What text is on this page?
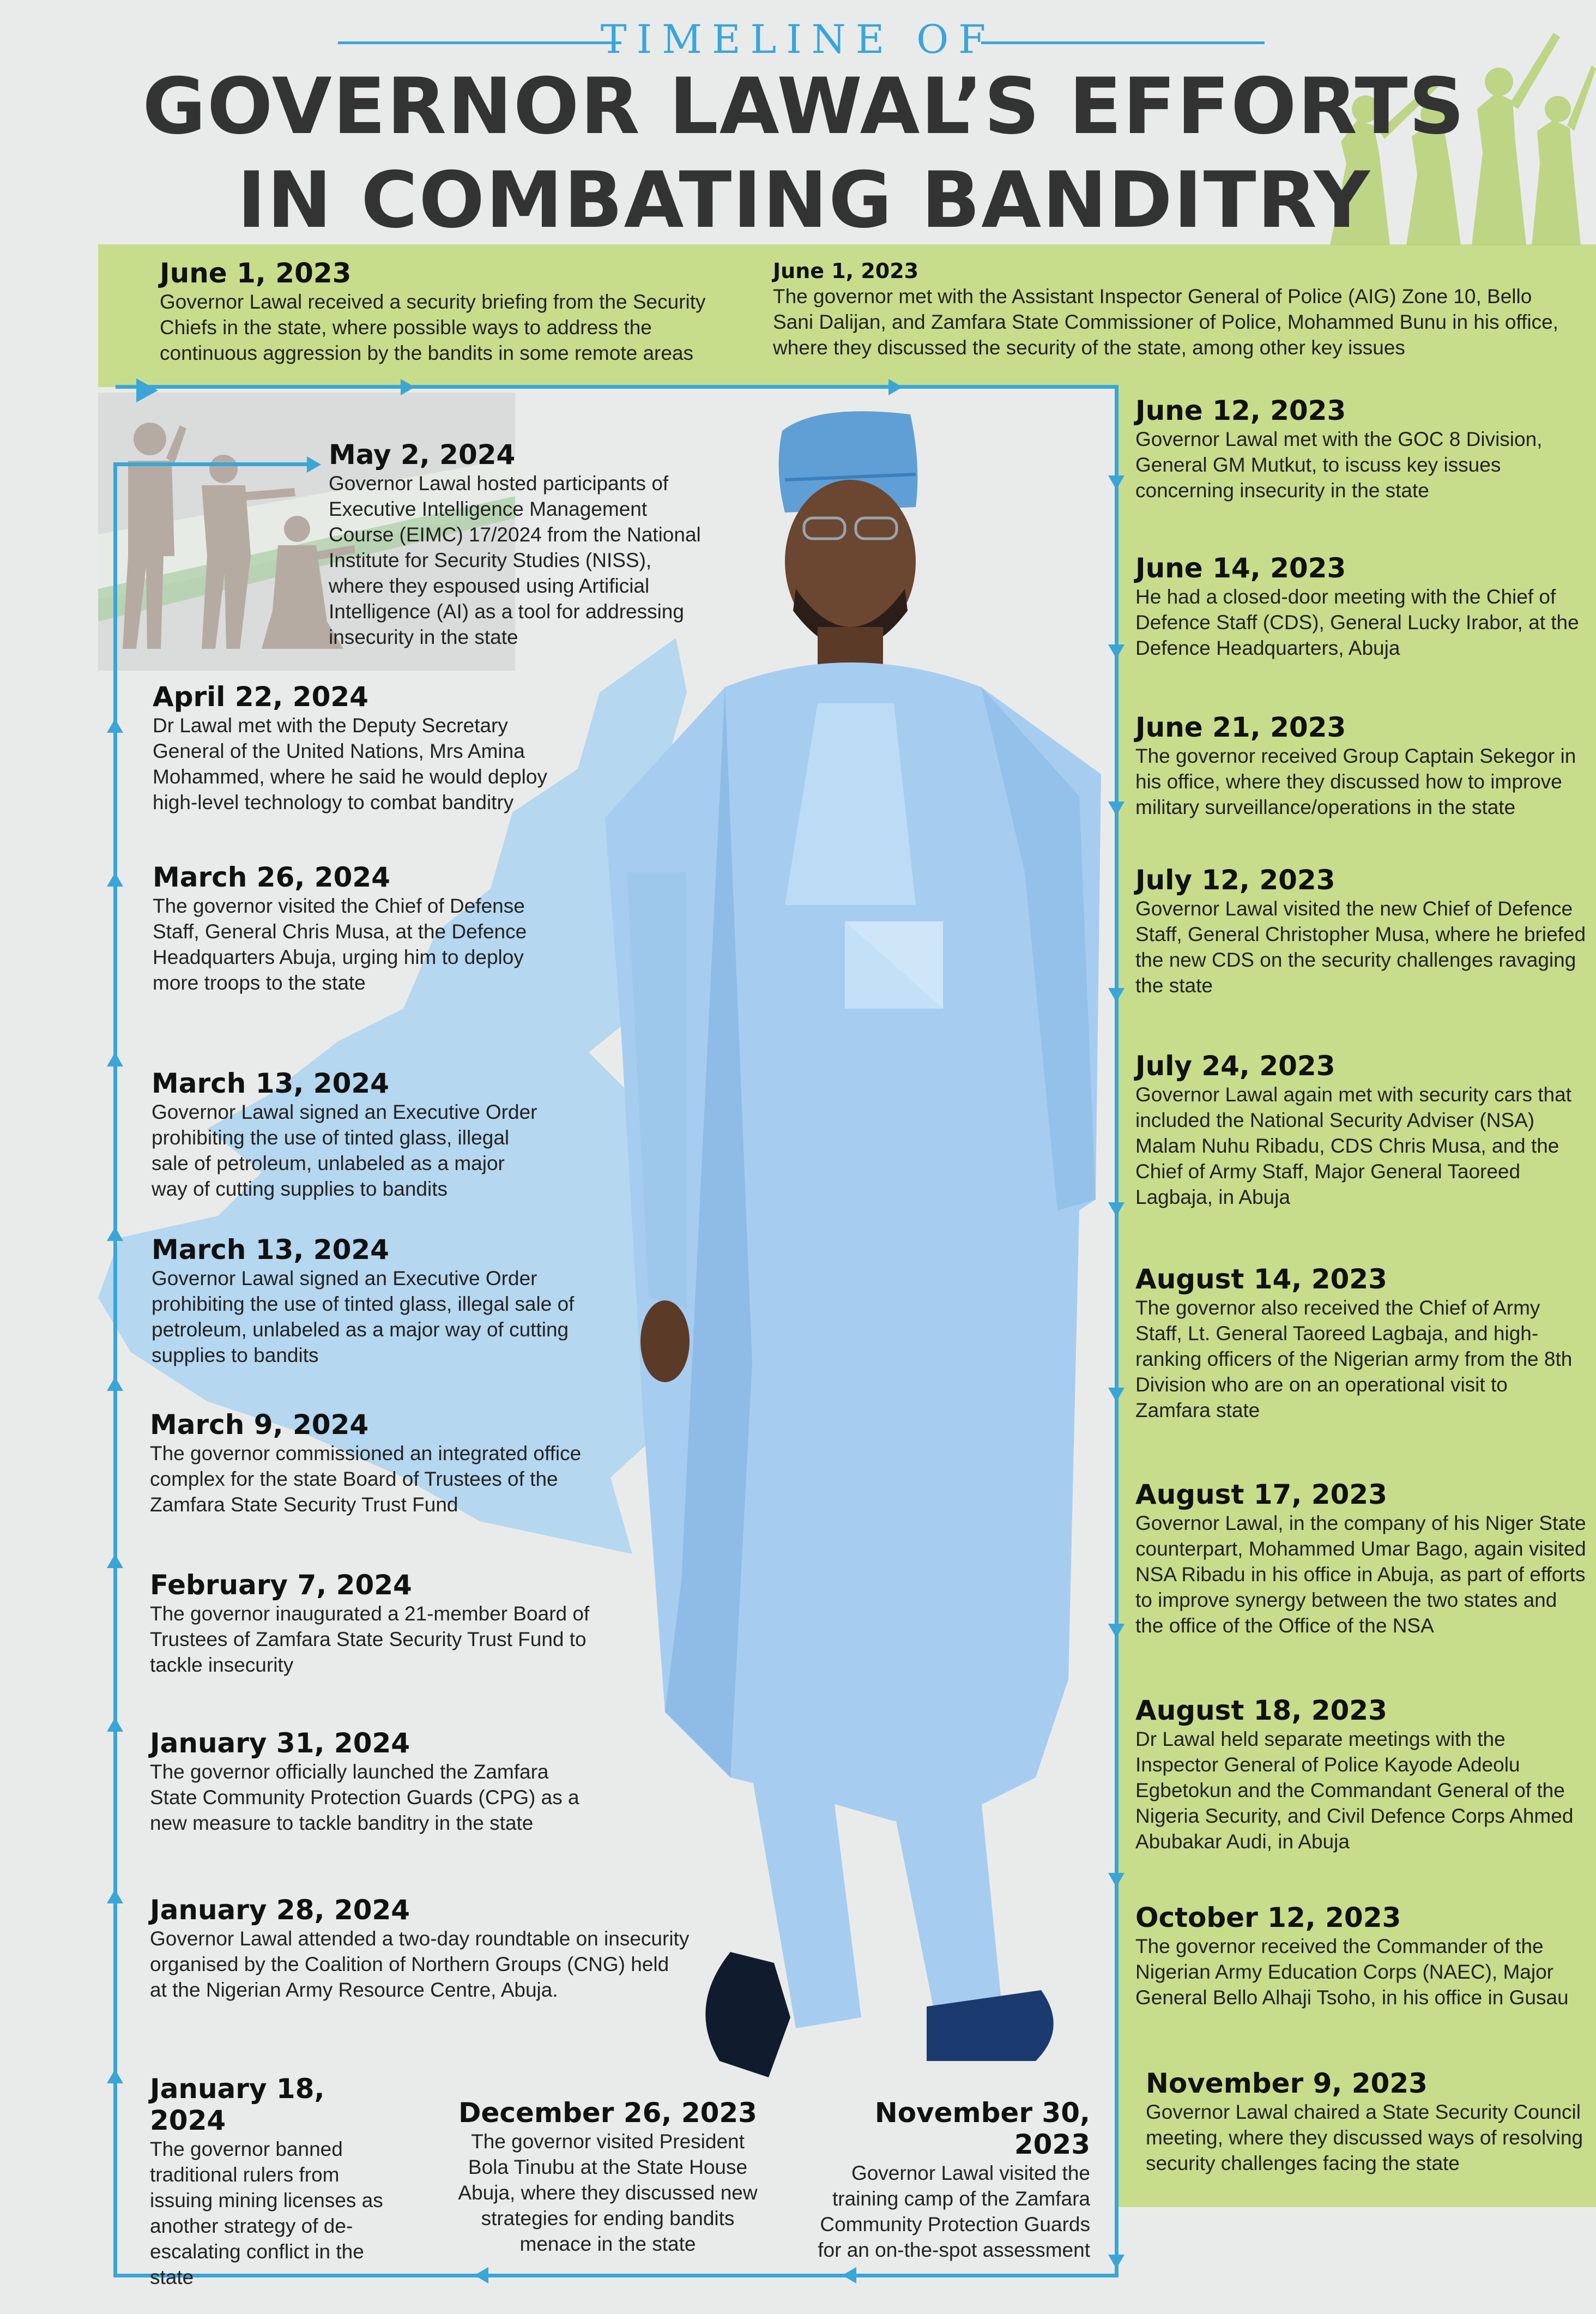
TIMELINE OF
GOVERNOR LAWAL’S EFFORTS
IN COMBATING BANDITRY
June 1, 2023
Governor Lawal received a security briefing from the Security Chiefs in the state, where possible ways to address the continuous aggression by the bandits in some remote areas
June 1, 2023
The governor met with the Assistant Inspector General of Police (AIG) Zone 10, Bello Sani Dalijan, and Zamfara State Commissioner of Police, Mohammed Bunu in his office, where they discussed the security of the state, among other key issues
June 12, 2023
Governor Lawal met with the GOC 8 Division, General GM Mutkut, to iscuss key issues concerning insecurity in the state
June 14, 2023
He had a closed-door meeting with the Chief of Defence Staff (CDS), General Lucky Irabor, at the Defence Headquarters, Abuja
June 21, 2023
The governor received Group Captain Sekegor in his office, where they discussed how to improve military surveillance/operations in the state
July 12, 2023
Governor Lawal visited the new Chief of Defence Staff, General Christopher Musa, where he briefed the new CDS on the security challenges ravaging the state
July 24, 2023
Governor Lawal again met with security cars that included the National Security Adviser (NSA) Malam Nuhu Ribadu, CDS Chris Musa, and the Chief of Army Staff, Major General Taoreed Lagbaja, in Abuja
August 14, 2023
The governor also received the Chief of Army Staff, Lt. General Taoreed Lagbaja, and high-ranking officers of the Nigerian army from the 8th Division who are on an operational visit to Zamfara state
August 17, 2023
Governor Lawal, in the company of his Niger State counterpart, Mohammed Umar Bago, again visited NSA Ribadu in his office in Abuja, as part of efforts to improve synergy between the two states and the office of the Office of the NSA
August 18, 2023
Dr Lawal held separate meetings with the Inspector General of Police Kayode Adeolu Egbetokun and the Commandant General of the Nigeria Security, and Civil Defence Corps Ahmed Abubakar Audi, in Abuja
October 12, 2023
The governor received the Commander of the Nigerian Army Education Corps (NAEC), Major General Bello Alhaji Tsoho, in his office in Gusau
November 9, 2023
Governor Lawal chaired a State Security Council meeting, where they discussed ways of resolving security challenges facing the state
November 30, 2023
Governor Lawal visited the training camp of the Zamfara Community Protection Guards for an on-the-spot assessment
December 26, 2023
The governor visited President Bola Tinubu at the State House Abuja, where they discussed new strategies for ending bandits menace in the state
January 18, 2024
The governor banned traditional rulers from issuing mining licenses as another strategy of de-escalating conflict in the state
January 28, 2024
Governor Lawal attended a two-day roundtable on insecurity organised by the Coalition of Northern Groups (CNG) held at the Nigerian Army Resource Centre, Abuja.
January 31, 2024
The governor officially launched the Zamfara State Community Protection Guards (CPG) as a new measure to tackle banditry in the state
February 7, 2024
The governor inaugurated a 21-member Board of Trustees of Zamfara State Security Trust Fund to tackle insecurity
March 9, 2024
The governor commissioned an integrated office complex for the state Board of Trustees of the Zamfara State Security Trust Fund
March 13, 2024
Governor Lawal signed an Executive Order prohibiting the use of tinted glass, illegal sale of petroleum, unlabeled as a major way of cutting supplies to bandits
March 13, 2024
Governor Lawal signed an Executive Order prohibiting the use of tinted glass, illegal sale of petroleum, unlabeled as a major way of cutting supplies to bandits
March 26, 2024
The governor visited the Chief of Defense Staff, General Chris Musa, at the Defence Headquarters Abuja, urging him to deploy more troops to the state
April 22, 2024
Dr Lawal met with the Deputy Secretary General of the United Nations, Mrs Amina Mohammed, where he said he would deploy high-level technology to combat banditry
May 2, 2024
Governor Lawal hosted participants of Executive Intelligence Management Course (EIMC) 17/2024 from the National Institute for Security Studies (NISS), where they espoused using Artificial Intelligence (AI) as a tool for addressing insecurity in the state
